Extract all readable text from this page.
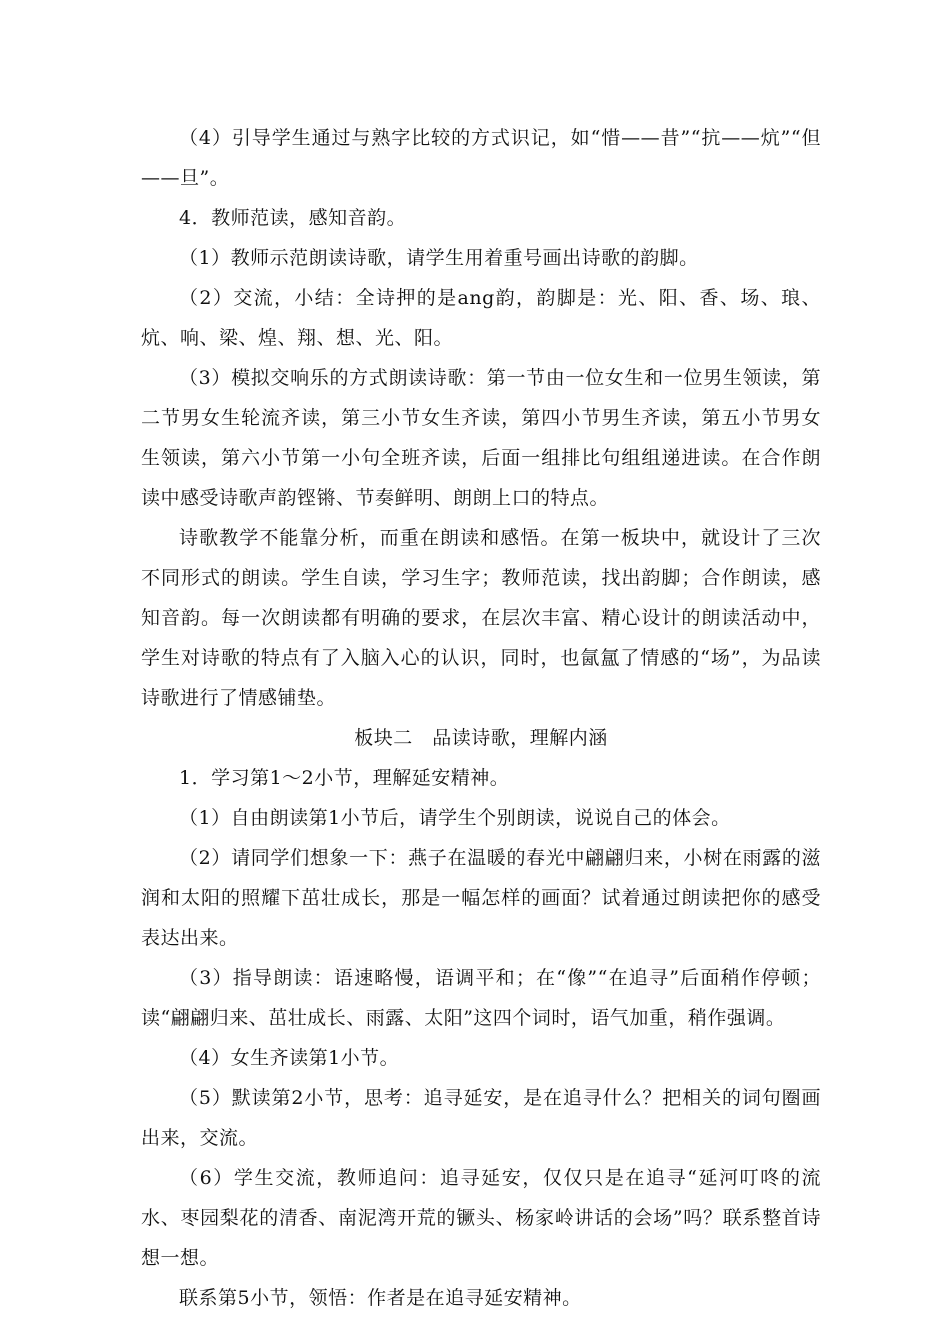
（4）引导学生通过与熟字比较的方式识记，如“惜——昔”“抗——炕”“但——旦”。

4．教师范读，感知音韵。

（1）教师示范朗读诗歌，请学生用着重号画出诗歌的韵脚。

（2）交流，小结：全诗押的是ang韵，韵脚是：光、阳、香、场、琅、炕、响、梁、煌、翔、想、光、阳。

（3）模拟交响乐的方式朗读诗歌：第一节由一位女生和一位男生领读，第二节男女生轮流齐读，第三小节女生齐读，第四小节男生齐读，第五小节男女生领读，第六小节第一小句全班齐读，后面一组排比句组组递进读。在合作朗读中感受诗歌声韵铿锵、节奏鲜明、朗朗上口的特点。

诗歌教学不能靠分析，而重在朗读和感悟。在第一板块中，就设计了三次不同形式的朗读。学生自读，学习生字；教师范读，找出韵脚；合作朗读，感知音韵。每一次朗读都有明确的要求，在层次丰富、精心设计的朗读活动中，学生对诗歌的特点有了入脑入心的认识，同时，也氤氲了情感的“场”，为品读诗歌进行了情感铺垫。

板块二　品读诗歌，理解内涵

1．学习第1～2小节，理解延安精神。

（1）自由朗读第1小节后，请学生个别朗读，说说自己的体会。

（2）请同学们想象一下：燕子在温暖的春光中翩翩归来，小树在雨露的滋润和太阳的照耀下茁壮成长，那是一幅怎样的画面？试着通过朗读把你的感受表达出来。

（3）指导朗读：语速略慢，语调平和；在“像”“在追寻”后面稍作停顿；读“翩翩归来、茁壮成长、雨露、太阳”这四个词时，语气加重，稍作强调。

（4）女生齐读第1小节。

（5）默读第2小节，思考：追寻延安，是在追寻什么？把相关的词句圈画出来，交流。

（6）学生交流，教师追问：追寻延安，仅仅只是在追寻“延河叮咚的流水、枣园梨花的清香、南泥湾开荒的镢头、杨家岭讲话的会场”吗？联系整首诗想一想。

联系第5小节，领悟：作者是在追寻延安精神。
